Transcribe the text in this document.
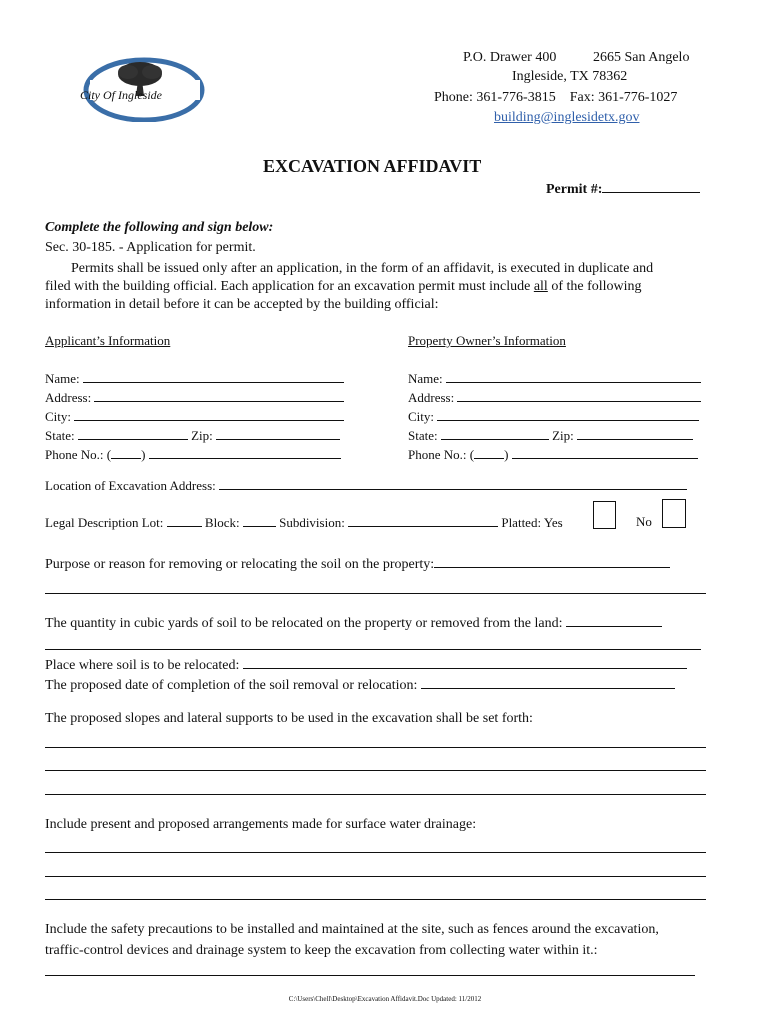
City Of Ingleside
P.O. Drawer 400	2665 San Angelo
Ingleside, TX 78362
Phone: 361-776-3815    Fax: 361-776-1027
building@inglesidetx.gov
EXCAVATION AFFIDAVIT
Permit #:
Complete the following and sign below:
Sec. 30-185. - Application for permit.
Permits shall be issued only after an application, in the form of an affidavit, is executed in duplicate and
filed with the building official. Each application for an excavation permit must include all of the following
information in detail before it can be accepted by the building official:
Applicant’s Information
Name:
Address:
City:
State:	Zip:
Phone No.: ( )
Property Owner’s Information
Name:
Address:
City:
State:	Zip:
Phone No.: ( )
Location of Excavation Address:
Legal Description Lot:	Block:	Subdivision:	Platted: Yes	No
Purpose or reason for removing or relocating the soil on the property:
The quantity in cubic yards of soil to be relocated on the property or removed from the land:
Place where soil is to be relocated:
The proposed date of completion of the soil removal or relocation:
The proposed slopes and lateral supports to be used in the excavation shall be set forth:
Include present and proposed arrangements made for surface water drainage:
Include the safety precautions to be installed and maintained at the site, such as fences around the excavation,
traffic-control devices and drainage system to keep the excavation from collecting water within it.:
C:\Users\Chell\Desktop\Excavation Affidavit.Doc Updated: 11/2012
